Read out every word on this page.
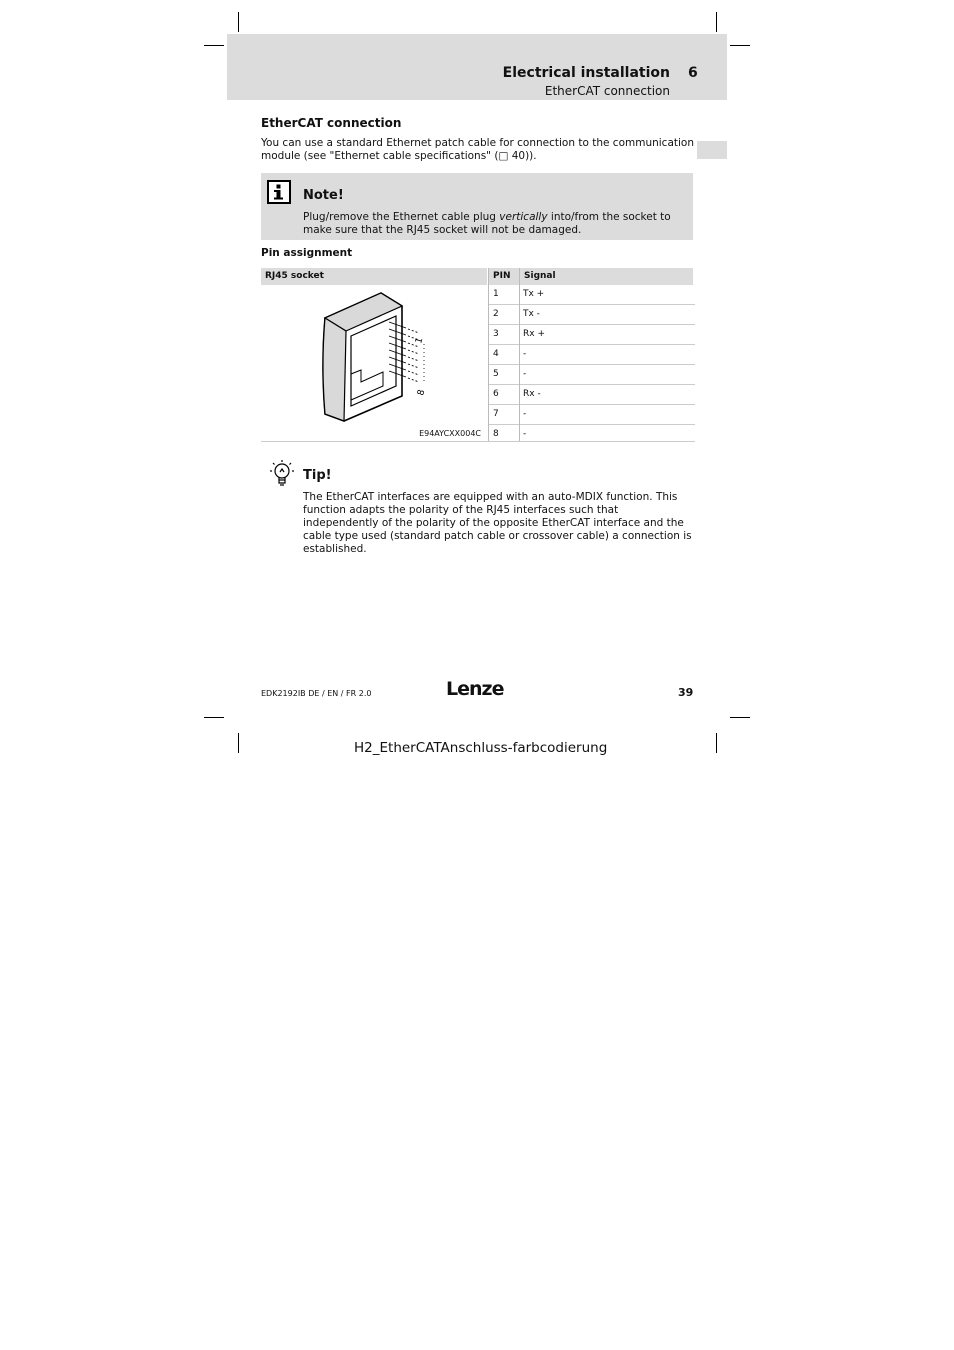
Electrical installation 6
EtherCAT connection
EtherCAT connection
You can use a standard Ethernet patch cable for connection to the communication module (see "Ethernet cable specifications" (□ 40)).
Note!
Plug/remove the Ethernet cable plug vertically into/from the socket to make sure that the RJ45 socket will not be damaged.
Pin assignment
RJ45 socket	PIN	Signal
1
8
E94AYCXX004C
1	Tx +
2	Tx -
3	Rx +
4	-
5	-
6	Rx -
7	-
8	-
Tip!
The EtherCAT interfaces are equipped with an auto-MDIX function. This function adapts the polarity of the RJ45 interfaces such that independently of the polarity of the opposite EtherCAT interface and the cable type used (standard patch cable or crossover cable) a connection is established.
EDK2192IB DE / EN / FR 2.0	Lenze	39
H2_EtherCATAnschluss-farbcodierung
